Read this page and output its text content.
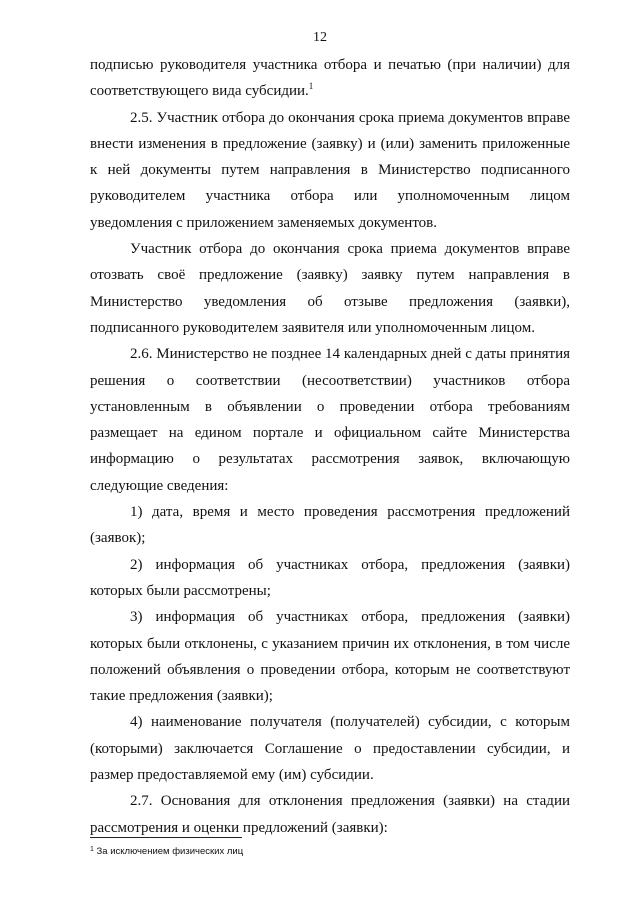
12

подписью руководителя участника отбора и печатью (при наличии) для соответствующего вида субсидии.$^1$

2.5. Участник отбора до окончания срока приема документов вправе внести изменения в предложение (заявку) и (или) заменить приложенные к ней документы путем направления в Министерство подписанного руководителем участника отбора или уполномоченным лицом уведомления с приложением заменяемых документов.

Участник отбора до окончания срока приема документов вправе отозвать своё предложение (заявку) заявку путем направления в Министерство уведомления об отзыве предложения (заявки), подписанного руководителем заявителя или уполномоченным лицом.

2.6. Министерство не позднее 14 календарных дней с даты принятия решения о соответствии (несоответствии) участников отбора установленным в объявлении о проведении отбора требованиям размещает на едином портале и официальном сайте Министерства информацию о результатах рассмотрения заявок, включающую следующие сведения:

1) дата, время и место проведения рассмотрения предложений (заявок);

2) информация об участниках отбора, предложения (заявки) которых были рассмотрены;

3) информация об участниках отбора, предложения (заявки) которых были отклонены, с указанием причин их отклонения, в том числе положений объявления о проведении отбора, которым не соответствуют такие предложения (заявки);

4) наименование получателя (получателей) субсидии, с которым (которыми) заключается Соглашение о предоставлении субсидии, и размер предоставляемой ему (им) субсидии.

2.7. Основания для отклонения предложения (заявки) на стадии рассмотрения и оценки предложений (заявки):

$^1$ За исключением физических лиц
